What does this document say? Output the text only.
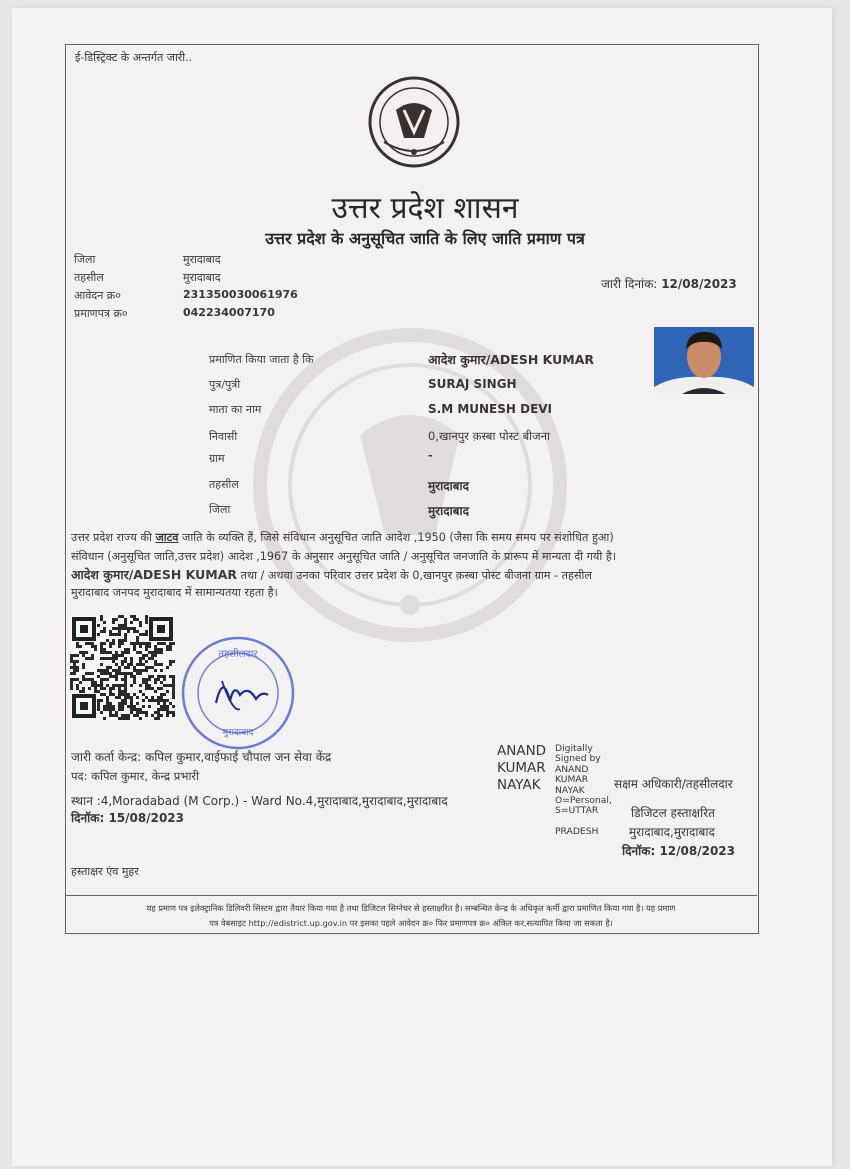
ई-डिस्ट्रिक्ट के अन्तर्गत जारी..
उत्तर प्रदेश शासन
उत्तर प्रदेश के अनुसूचित जाति के लिए जाति प्रमाण पत्र
जिला	मुरादाबाद
तहसील	मुरादाबाद
आवेदन क्र०	231350030061976
प्रमाणपत्र क्र०	042234007170
जारी दिनांक: 12/08/2023
प्रमाणित किया जाता है कि	आदेश कुमार/ADESH KUMAR
पुत्र/पुत्री	SURAJ SINGH
माता का नाम	S.M MUNESH DEVI
निवासी	0,खानपुर क़स्बा पोस्ट बीजना
ग्राम	-
तहसील	मुरादाबाद
जिला	मुरादाबाद
उत्तर प्रदेश राज्य की जाटव जाति के व्यक्ति हैं, जिसे संविधान अनुसूचित जाति आदेश ,1950 (जैसा कि समय समय पर संशोधित हुआ)
संविधान (अनुसूचित जाति,उत्तर प्रदेश) आदेश ,1967 के अनुसार अनुसूचित जाति / अनुसूचित जनजाति के प्रारूप में मान्यता दी गयी है।
आदेश कुमार/ADESH KUMAR तथा / अथवा उनका परिवार उत्तर प्रदेश के 0,खानपुर क़स्बा पोस्ट बीजना ग्राम - तहसील
मुरादाबाद जनपद मुरादाबाद में सामान्यतया रहता है।
तहसीलदार
मुरादाबाद
जारी कर्ता केन्द्र: कपिल कुमार,वाईफाई चौपाल जन सेवा केंद्र
पद: कपिल कुमार, केन्द्र प्रभारी
स्थान :4,Moradabad (M Corp.) - Ward No.4,मुरादाबाद,मुरादाबाद,मुरादाबाद
दिनॉक: 15/08/2023
ANAND
KUMAR
NAYAK
Digitally
Signed by
ANAND
KUMAR
NAYAK
O=Personal,
S=UTTAR
PRADESH
सक्षम अधिकारी/तहसीलदार
डिजिटल हस्ताक्षरित
मुरादाबाद,मुरादाबाद
दिनॉक: 12/08/2023
हस्ताक्षर एंव मुहर
यह प्रमाण पत्र इलेक्ट्रानिक डिलिवरी सिस्टम द्वारा तैयार किया गया है तथा डिजिटल सिग्नेचर से हस्ताक्षरित है। सम्बन्धित केन्द्र के अधिकृत कर्मी द्वारा प्रमाणित किया गया है। यह प्रमाण
पत्र वेबसाइट http://edistrict.up.gov.in पर इसका पहले आवेदन क्र० फिर प्रमाणपत्र क्र० अंकित कर,सत्यापित किया जा सकता है।
